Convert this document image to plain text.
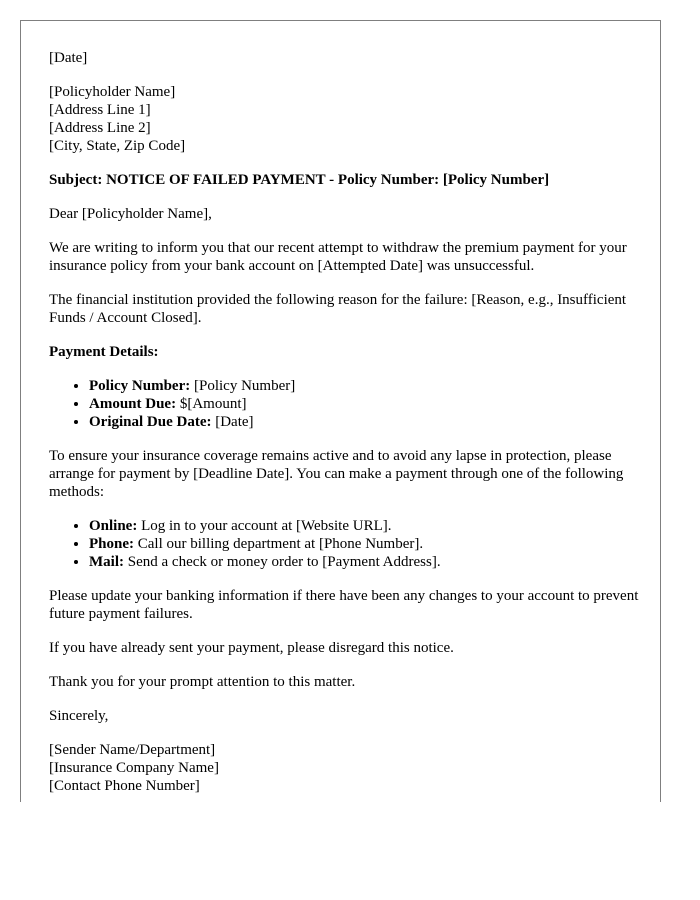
[Date]

[Policyholder Name]
[Address Line 1]
[Address Line 2]
[City, State, Zip Code]

Subject: NOTICE OF FAILED PAYMENT - Policy Number: [Policy Number]

Dear [Policyholder Name],

We are writing to inform you that our recent attempt to withdraw the premium payment for your insurance policy from your bank account on [Attempted Date] was unsuccessful.

The financial institution provided the following reason for the failure: [Reason, e.g., Insufficient Funds / Account Closed].

Payment Details:

• Policy Number: [Policy Number]
• Amount Due: $[Amount]
• Original Due Date: [Date]

To ensure your insurance coverage remains active and to avoid any lapse in protection, please arrange for payment by [Deadline Date]. You can make a payment through one of the following methods:

• Online: Log in to your account at [Website URL].
• Phone: Call our billing department at [Phone Number].
• Mail: Send a check or money order to [Payment Address].

Please update your banking information if there have been any changes to your account to prevent future payment failures.

If you have already sent your payment, please disregard this notice.

Thank you for your prompt attention to this matter.

Sincerely,

[Sender Name/Department]
[Insurance Company Name]
[Contact Phone Number]
